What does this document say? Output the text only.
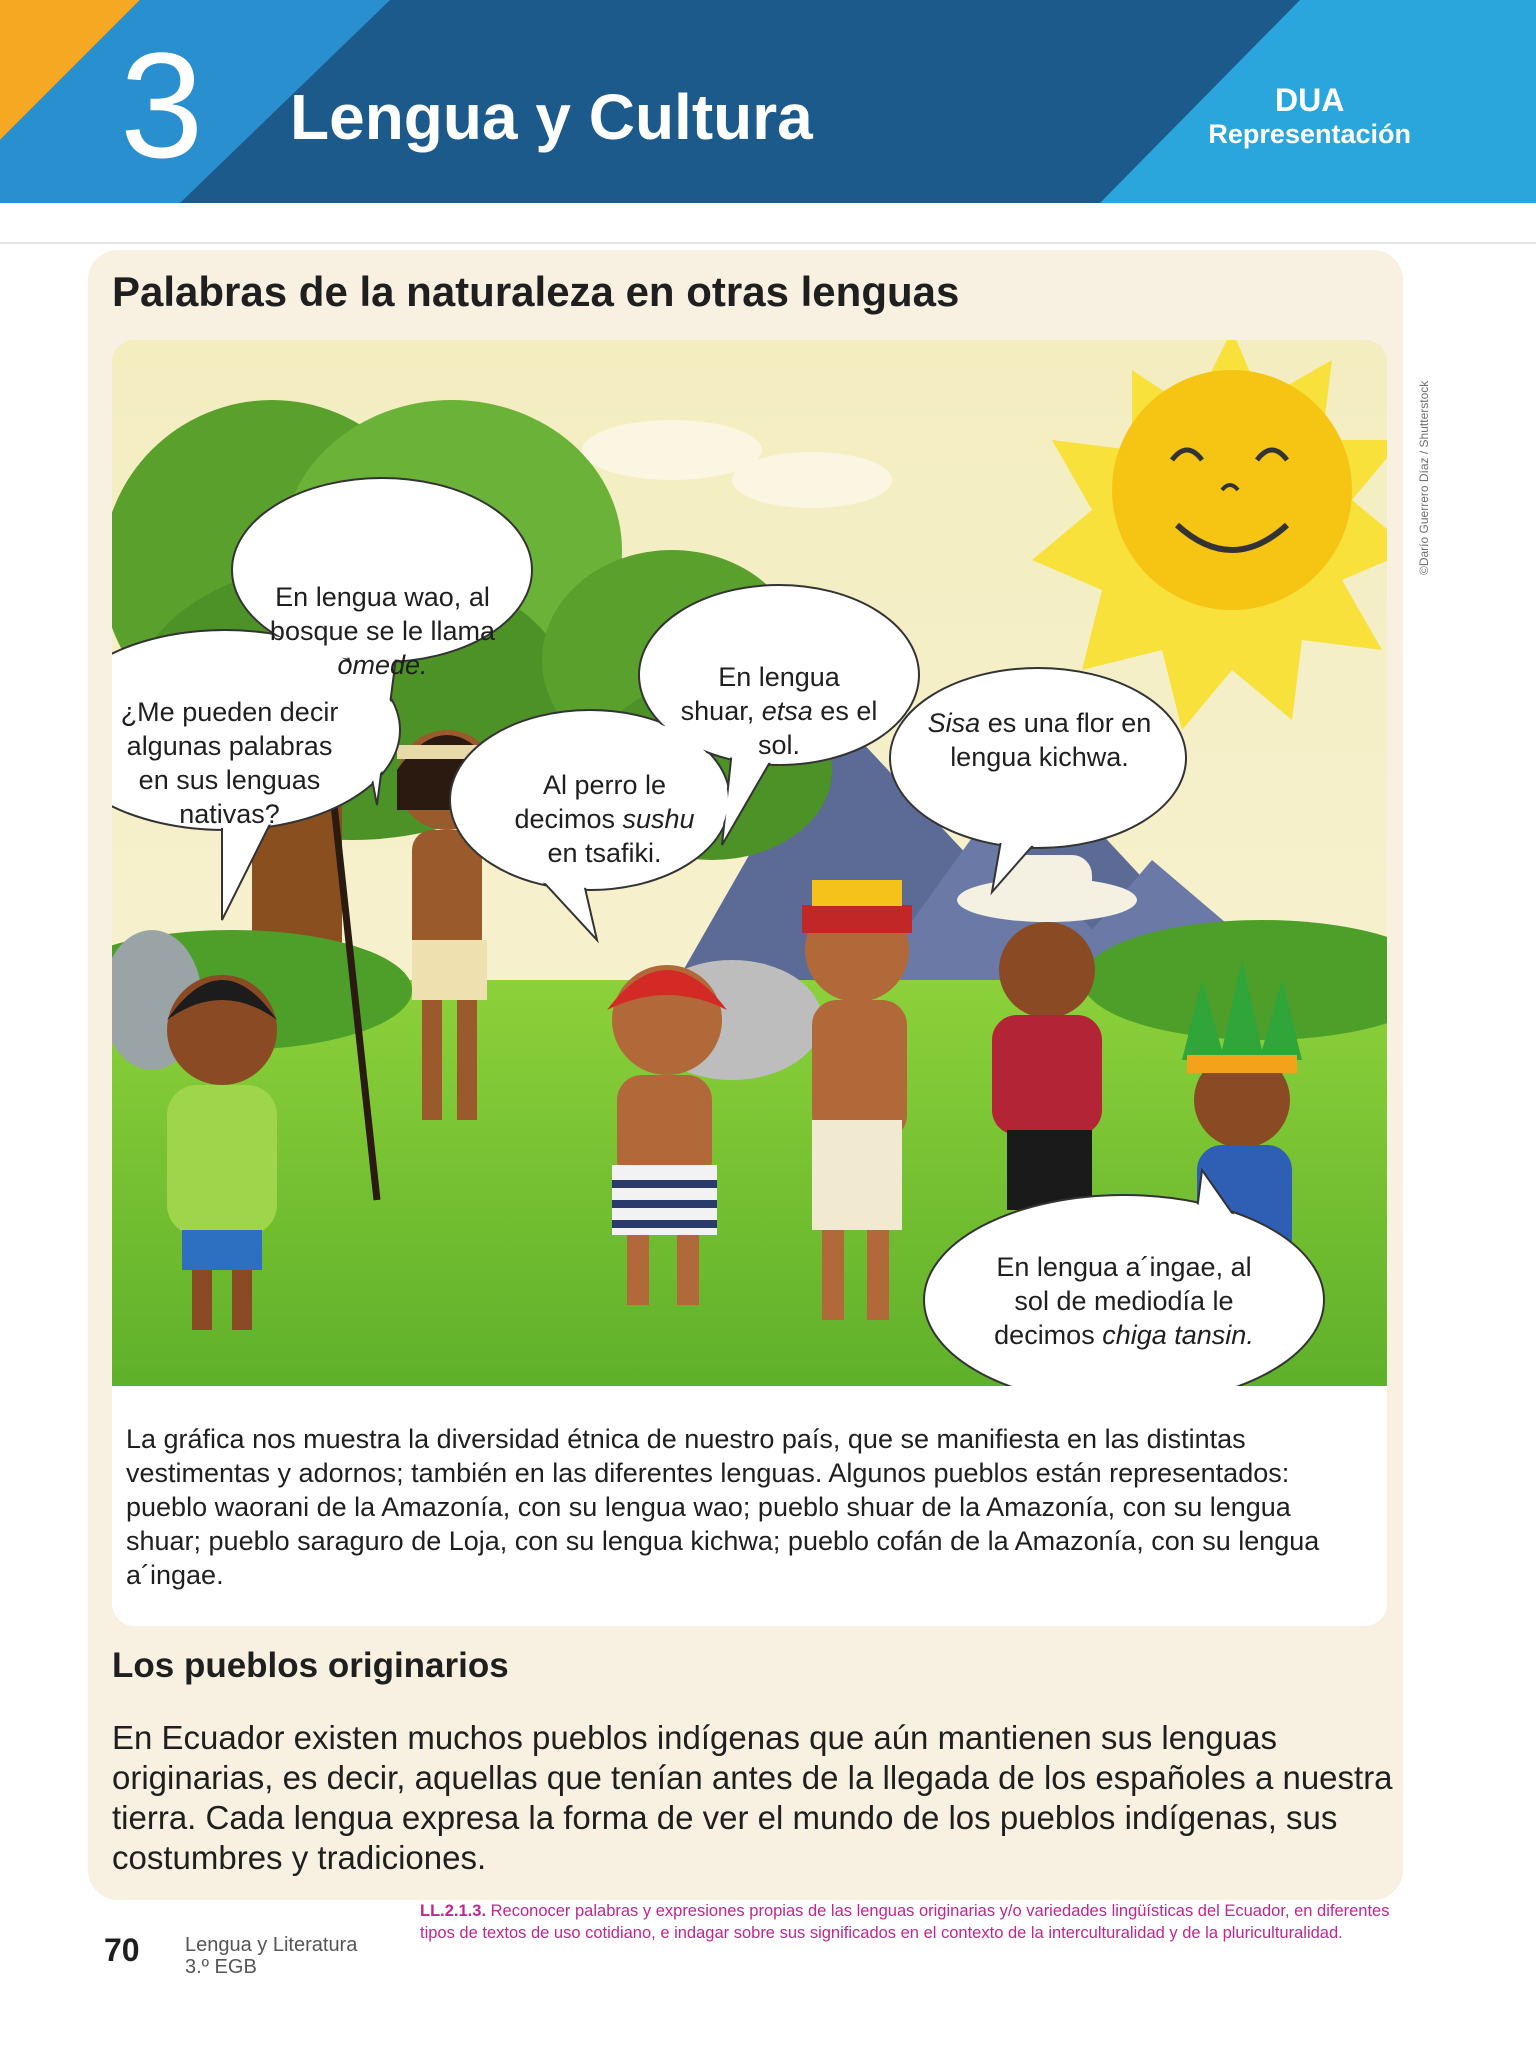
3 Lengua y Cultura	DUA
Representación
Palabras de la naturaleza en otras lenguas
©Darío Guerrero Díaz / Shutterstock
¿Me pueden decir algunas palabras en sus lenguas nativas?
En lengua wao, al bosque se le llama omede.
Al perro le decimos sushu en tsafiki.
En lengua shuar, etsa es el sol.
Sisa es una flor en lengua kichwa.
En lengua a´ingae, al sol de mediodía le decimos chiga tansin.
La gráfica nos muestra la diversidad étnica de nuestro país, que se manifiesta en las distintas vestimentas y adornos; también en las diferentes lenguas. Algunos pueblos están representados: pueblo waorani de la Amazonía, con su lengua wao; pueblo shuar de la Amazonía, con su lengua shuar; pueblo saraguro de Loja, con su lengua kichwa; pueblo cofán de la Amazonía, con su lengua a´ingae.
Los pueblos originarios
En Ecuador existen muchos pueblos indígenas que aún mantienen sus lenguas originarias, es decir, aquellas que tenían antes de la llegada de los españoles a nuestra tierra. Cada lengua expresa la forma de ver el mundo de los pueblos indígenas, sus costumbres y tradiciones.
70 Lengua y Literatura
3.º EGB
LL.2.1.3. Reconocer palabras y expresiones propias de las lenguas originarias y/o variedades lingüísticas del Ecuador, en diferentes tipos de textos de uso cotidiano, e indagar sobre sus significados en el contexto de la interculturalidad y de la pluriculturalidad.
